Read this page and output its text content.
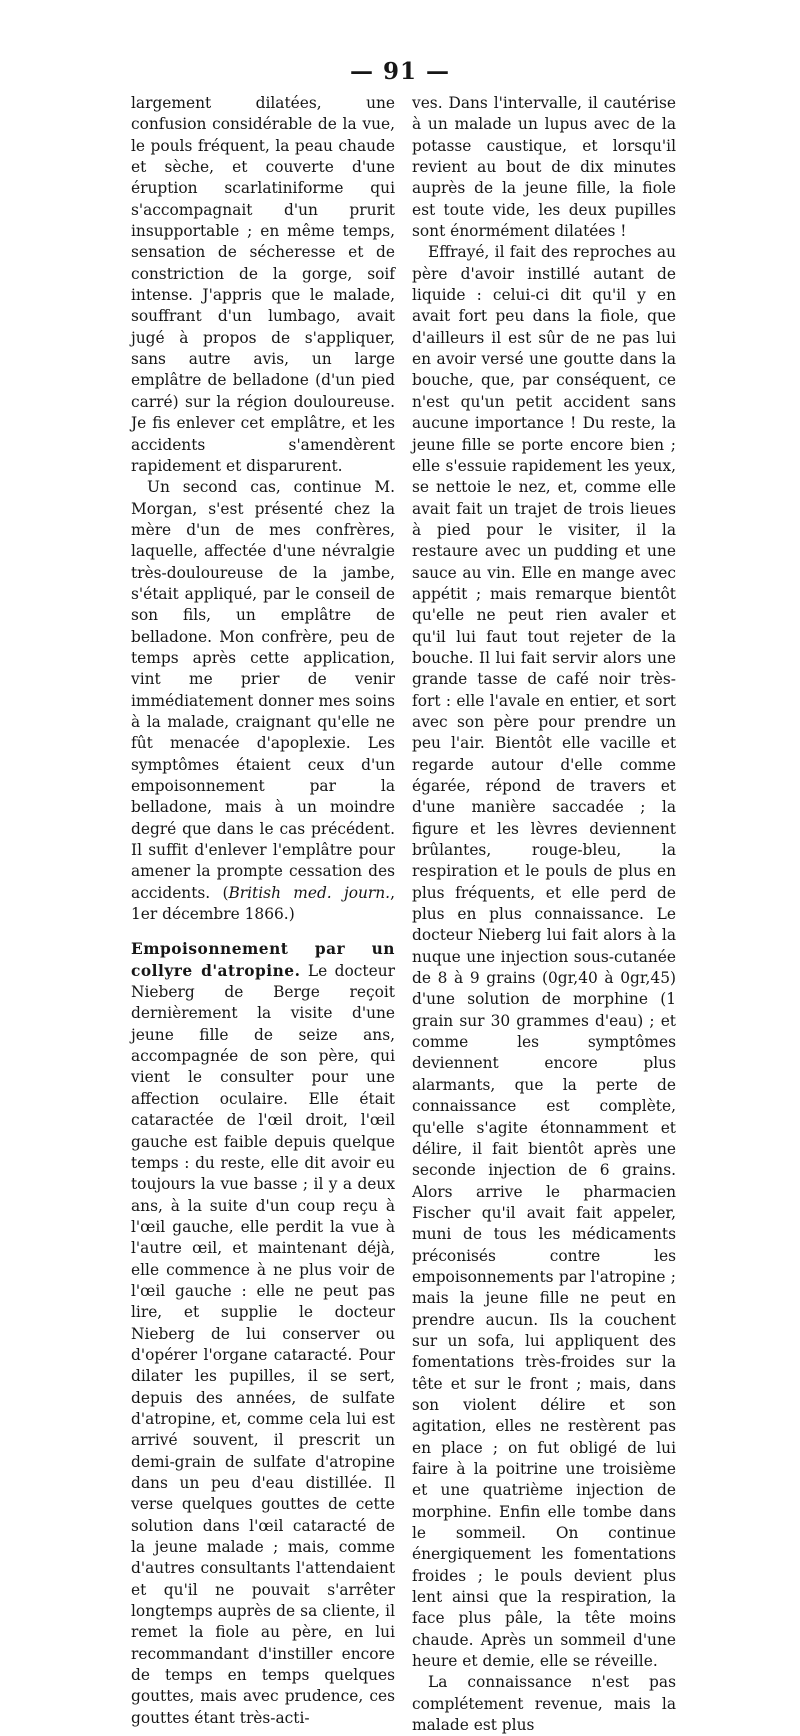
— 91 —

largement dilatées, une confusion considérable de la vue, le pouls fréquent, la peau chaude et sèche, et couverte d'une éruption scarlatiniforme qui s'accompagnait d'un prurit insupportable ; en même temps, sensation de sécheresse et de constriction de la gorge, soif intense. J'appris que le malade, souffrant d'un lumbago, avait jugé à propos de s'appliquer, sans autre avis, un large emplâtre de belladone (d'un pied carré) sur la région douloureuse. Je fis enlever cet emplâtre, et les accidents s'amendèrent rapidement et disparurent.

Un second cas, continue M. Morgan, s'est présenté chez la mère d'un de mes confrères, laquelle, affectée d'une névralgie très-douloureuse de la jambe, s'était appliqué, par le conseil de son fils, un emplâtre de belladone. Mon confrère, peu de temps après cette application, vint me prier de venir immédiatement donner mes soins à la malade, craignant qu'elle ne fût menacée d'apoplexie. Les symptômes étaient ceux d'un empoisonnement par la belladone, mais à un moindre degré que dans le cas précédent. Il suffit d'enlever l'emplâtre pour amener la prompte cessation des accidents. (British med. journ., 1er décembre 1866.)

Empoisonnement par un collyre d'atropine. Le docteur Nieberg de Berge reçoit dernièrement la visite d'une jeune fille de seize ans, accompagnée de son père, qui vient le consulter pour une affection oculaire. Elle était cataractée de l'œil droit, l'œil gauche est faible depuis quelque temps : du reste, elle dit avoir eu toujours la vue basse ; il y a deux ans, à la suite d'un coup reçu à l'œil gauche, elle perdit la vue à l'autre œil, et maintenant déjà, elle commence à ne plus voir de l'œil gauche : elle ne peut pas lire, et supplie le docteur Nieberg de lui conserver ou d'opérer l'organe cataracté. Pour dilater les pupilles, il se sert, depuis des années, de sulfate d'atropine, et, comme cela lui est arrivé souvent, il prescrit un demi-grain de sulfate d'atropine dans un peu d'eau distillée. Il verse quelques gouttes de cette solution dans l'œil cataracté de la jeune malade ; mais, comme d'autres consultants l'attendaient et qu'il ne pouvait s'arrêter longtemps auprès de sa cliente, il remet la fiole au père, en lui recommandant d'instiller encore de temps en temps quelques gouttes, mais avec prudence, ces gouttes étant très-acti-

ves. Dans l'intervalle, il cautérise à un malade un lupus avec de la potasse caustique, et lorsqu'il revient au bout de dix minutes auprès de la jeune fille, la fiole est toute vide, les deux pupilles sont énormément dilatées !

Effrayé, il fait des reproches au père d'avoir instillé autant de liquide : celui-ci dit qu'il y en avait fort peu dans la fiole, que d'ailleurs il est sûr de ne pas lui en avoir versé une goutte dans la bouche, que, par conséquent, ce n'est qu'un petit accident sans aucune importance ! Du reste, la jeune fille se porte encore bien ; elle s'essuie rapidement les yeux, se nettoie le nez, et, comme elle avait fait un trajet de trois lieues à pied pour le visiter, il la restaure avec un pudding et une sauce au vin. Elle en mange avec appétit ; mais remarque bientôt qu'elle ne peut rien avaler et qu'il lui faut tout rejeter de la bouche. Il lui fait servir alors une grande tasse de café noir très-fort : elle l'avale en entier, et sort avec son père pour prendre un peu l'air. Bientôt elle vacille et regarde autour d'elle comme égarée, répond de travers et d'une manière saccadée ; la figure et les lèvres deviennent brûlantes, rouge-bleu, la respiration et le pouls de plus en plus fréquents, et elle perd de plus en plus connaissance. Le docteur Nieberg lui fait alors à la nuque une injection sous-cutanée de 8 à 9 grains (0gr,40 à 0gr,45) d'une solution de morphine (1 grain sur 30 grammes d'eau) ; et comme les symptômes deviennent encore plus alarmants, que la perte de connaissance est complète, qu'elle s'agite étonnamment et délire, il fait bientôt après une seconde injection de 6 grains. Alors arrive le pharmacien Fischer qu'il avait fait appeler, muni de tous les médicaments préconisés contre les empoisonnements par l'atropine ; mais la jeune fille ne peut en prendre aucun. Ils la couchent sur un sofa, lui appliquent des fomentations très-froides sur la tête et sur le front ; mais, dans son violent délire et son agitation, elles ne restèrent pas en place ; on fut obligé de lui faire à la poitrine une troisième et une quatrième injection de morphine. Enfin elle tombe dans le sommeil. On continue énergiquement les fomentations froides ; le pouls devient plus lent ainsi que la respiration, la face plus pâle, la tête moins chaude. Après un sommeil d'une heure et demie, elle se réveille.

La connaissance n'est pas complétement revenue, mais la malade est plus
